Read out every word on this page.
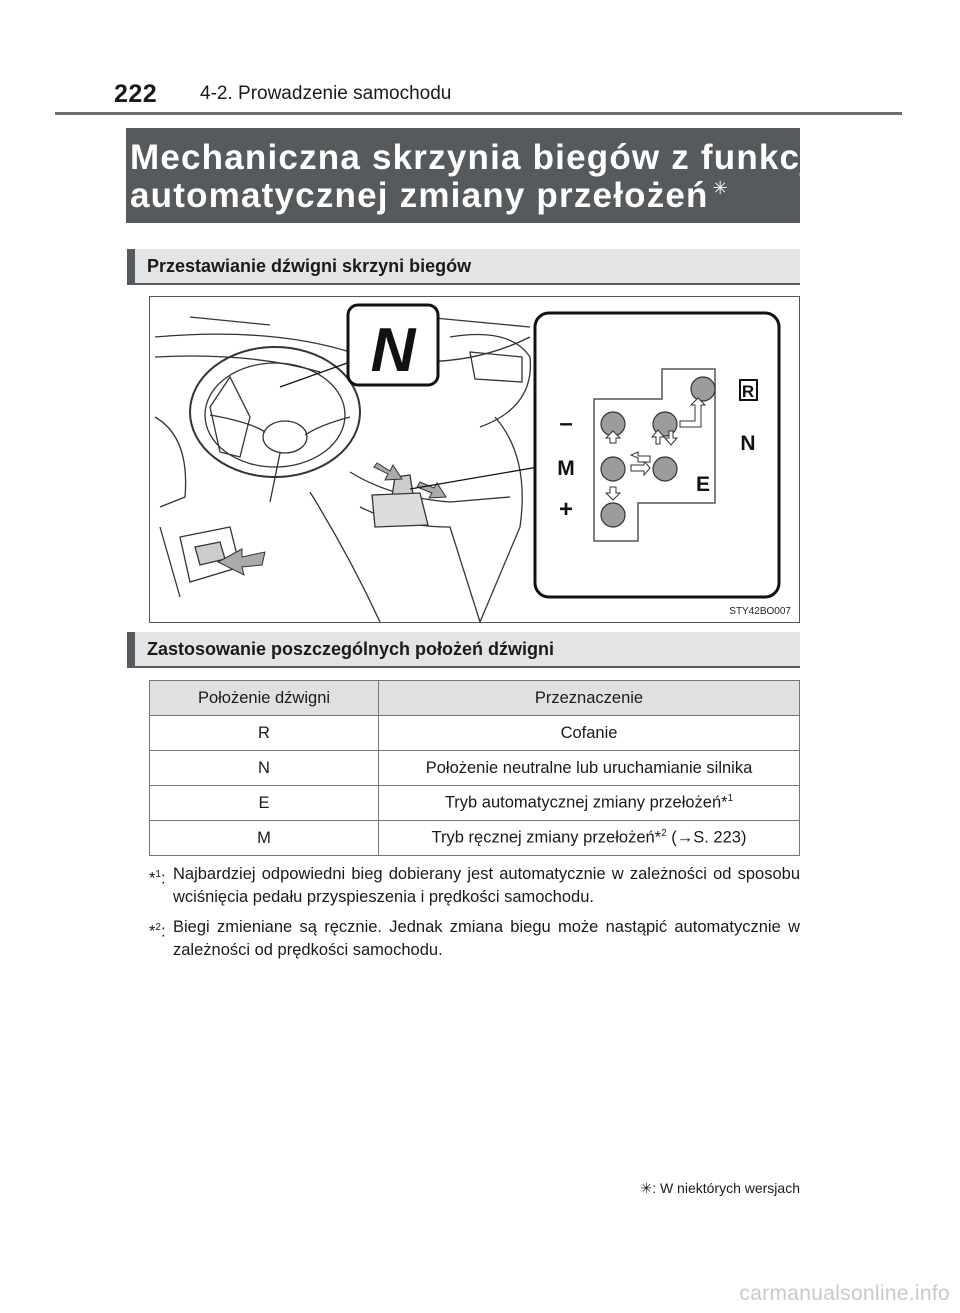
222 4-2. Prowadzenie samochodu
Mechaniczna skrzynia biegów z funkcją
automatycznej zmiany przełożeń ✳
Przestawianie dźwigni skrzyni biegów
N
R
N
E
M
–
+
STY42BO007
Zastosowanie poszczególnych położeń dźwigni
Położenie dźwigni	Przeznaczenie
R	Cofanie
N	Położenie neutralne lub uruchamianie silnika
E	Tryb automatycznej zmiany przełożeń*$^1$
M	Tryb ręcznej zmiany przełożeń*$^2$ (→S. 223)
*$^1$: Najbardziej odpowiedni bieg dobierany jest automatycznie w zależności od sposobu wciśnięcia pedału przyspieszenia i prędkości samochodu.
*$^2$: Biegi zmieniane są ręcznie. Jednak zmiana biegu może nastąpić automatycznie w zależności od prędkości samochodu.
✳: W niektórych wersjach
carmanualsonline.info
